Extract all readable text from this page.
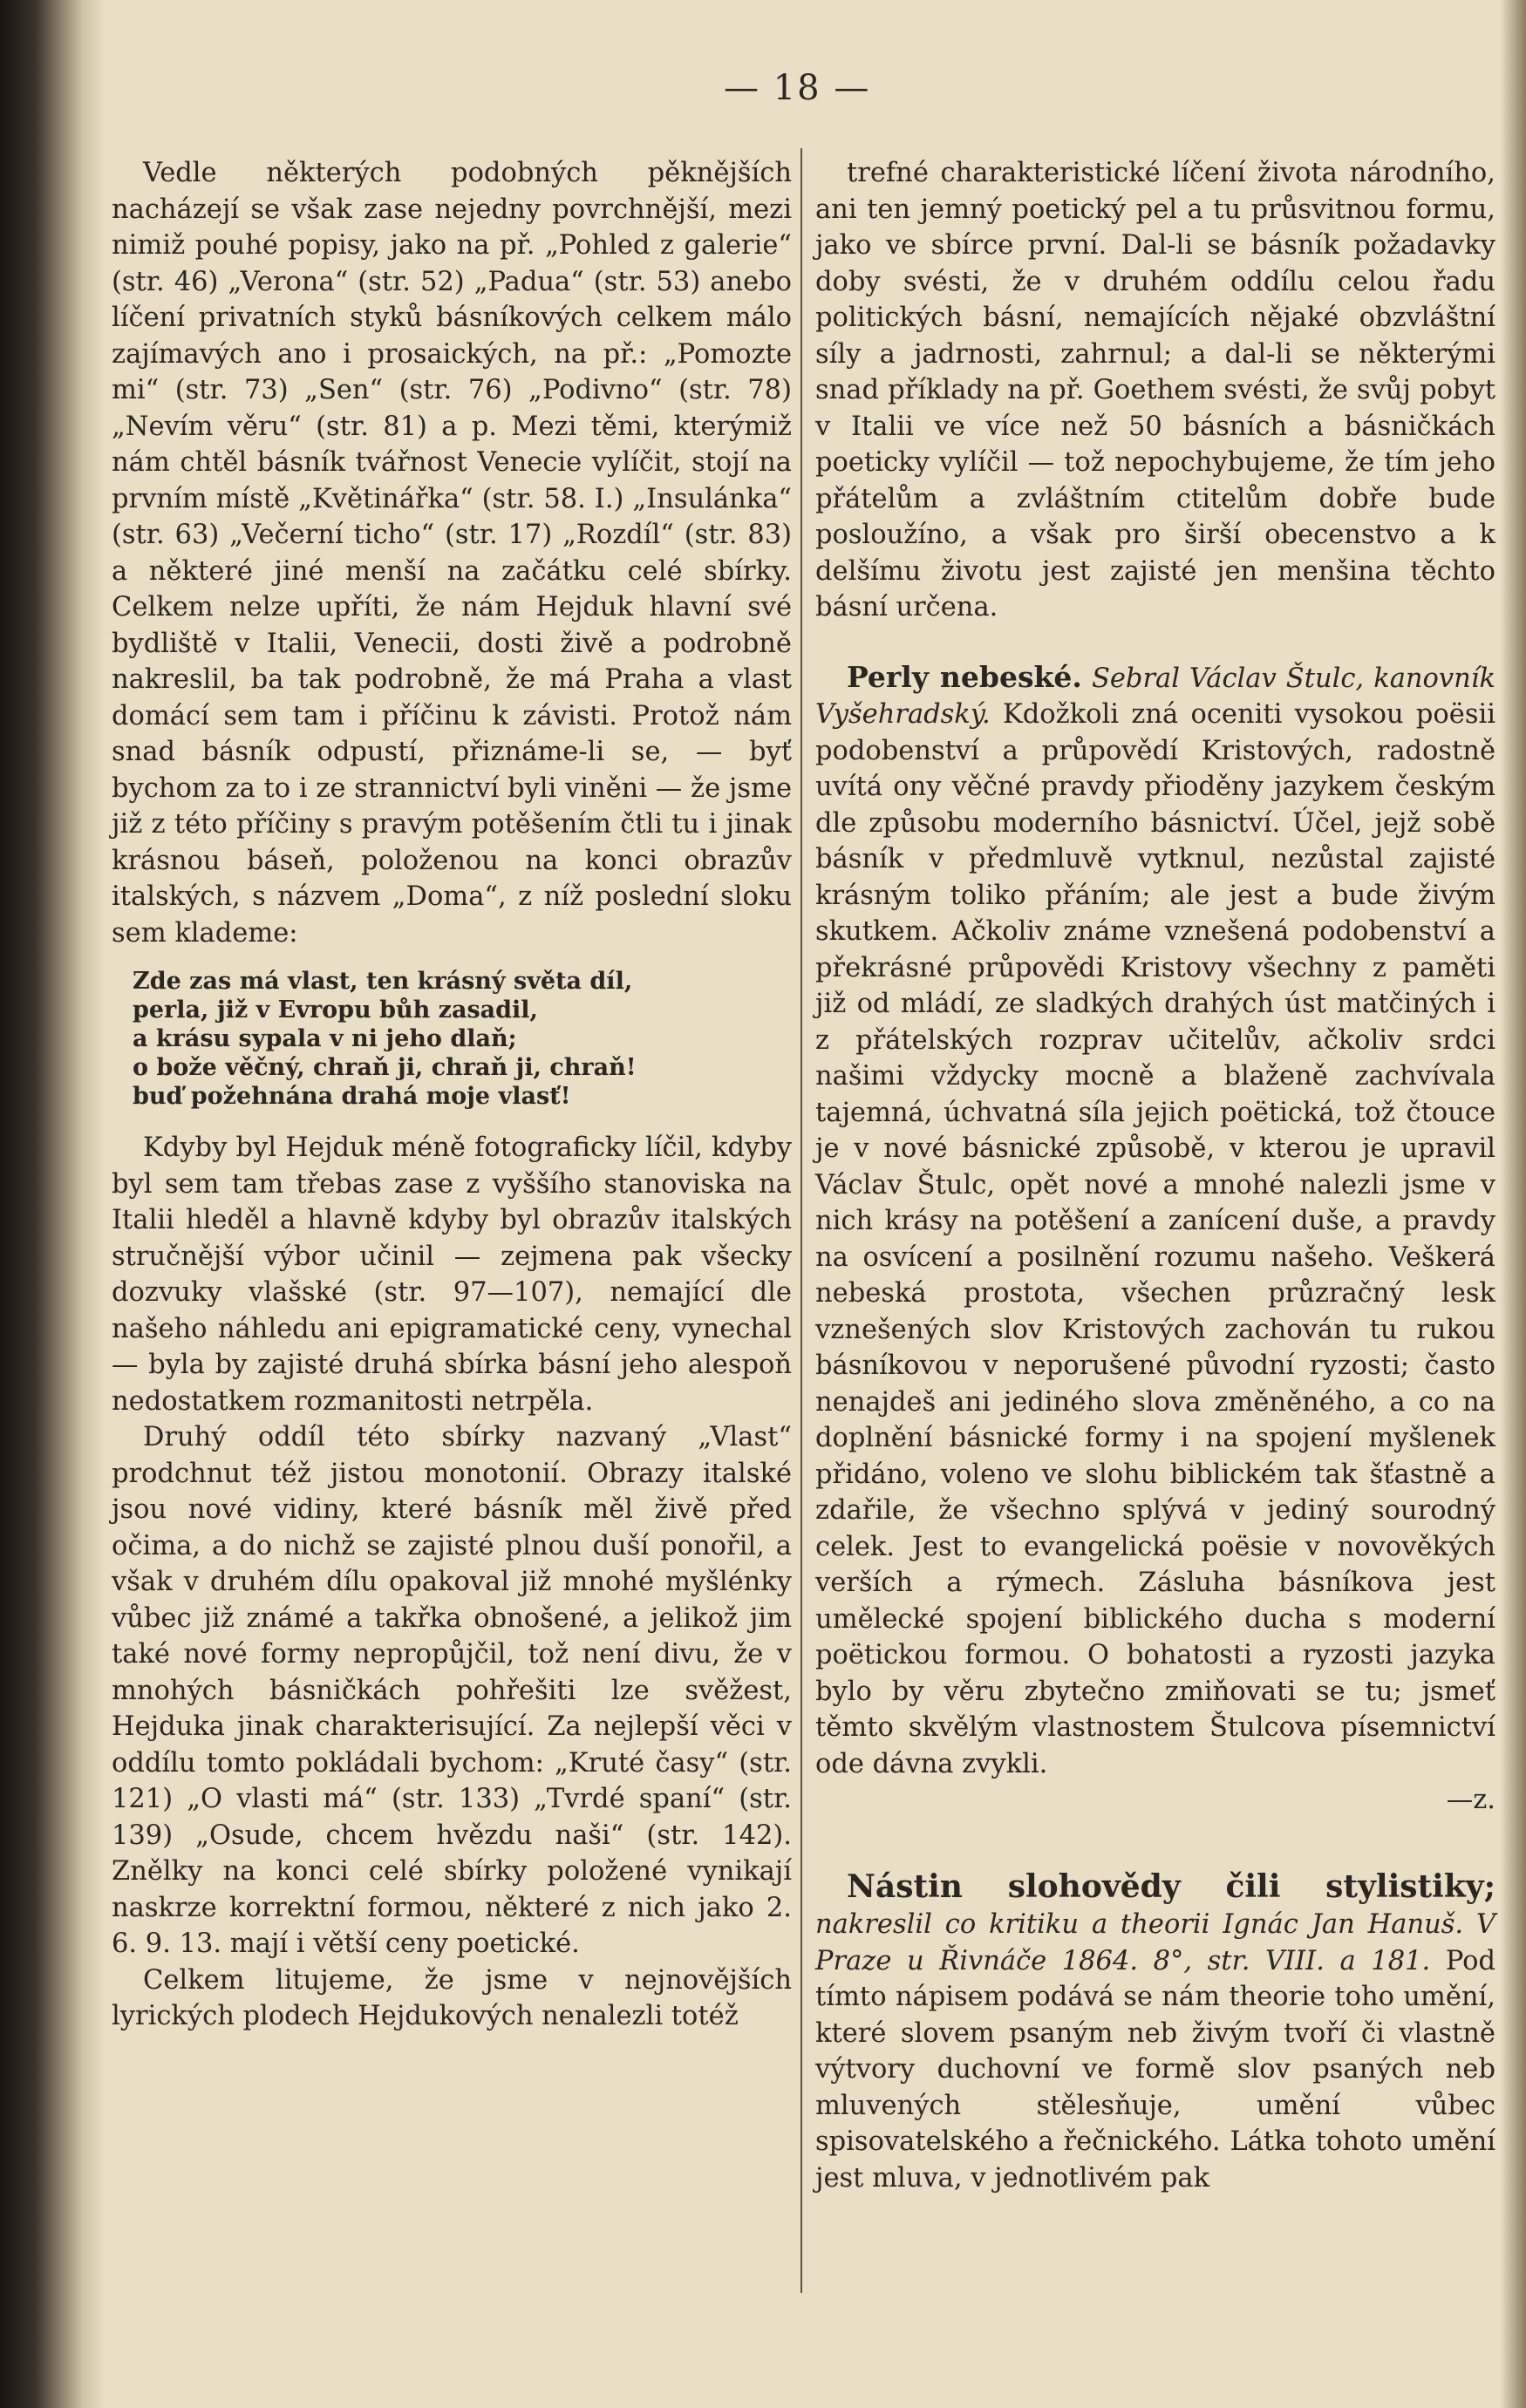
— 18 —

Vedle některých podobných pěknějších nacházejí se však zase nejedny povrchnější, mezi nimiž pouhé popisy, jako na př. „Pohled z galerie“ (str. 46) „Verona“ (str. 52) „Padua“ (str. 53) anebo líčení privatních styků básníkových celkem málo zajímavých ano i prosaických, na př.: „Pomozte mi“ (str. 73) „Sen“ (str. 76) „Podivno“ (str. 78) „Nevím věru“ (str. 81) a p. Mezi těmi, kterýmiž nám chtěl básník tvářnost Venecie vylíčit, stojí na prvním místě „Květinářka“ (str. 58. I.) „Insulánka“ (str. 63) „Večerní ticho“ (str. 17) „Rozdíl“ (str. 83) a některé jiné menší na začátku celé sbírky. Celkem nelze upříti, že nám Hejduk hlavní své bydliště v Italii, Venecii, dosti živě a podrobně nakreslil, ba tak podrobně, že má Praha a vlast domácí sem tam i příčinu k závisti. Protož nám snad básník odpustí, přiznáme-li se, — byť bychom za to i ze strannictví byli viněni — že jsme již z této příčiny s pravým potěšením čtli tu i jinak krásnou báseň, položenou na konci obrazův italských, s názvem „Doma“, z níž poslední sloku sem klademe:

Zde zas má vlast, ten krásný světa díl,
perla, již v Evropu bůh zasadil,
a krásu sypala v ni jeho dlaň;
o bože věčný, chraň ji, chraň ji, chraň!
buď požehnána drahá moje vlasť!

Kdyby byl Hejduk méně fotograficky líčil, kdyby byl sem tam třebas zase z vyššího stanoviska na Italii hleděl a hlavně kdyby byl obrazův italských stručnější výbor učinil — zejmena pak všecky dozvuky vlašské (str. 97—107), nemající dle našeho náhledu ani epigramatické ceny, vynechal — byla by zajisté druhá sbírka básní jeho alespoň nedostatkem rozmanitosti netrpěla.

Druhý oddíl této sbírky nazvaný „Vlast“ prodchnut též jistou monotonií. Obrazy italské jsou nové vidiny, které básník měl živě před očima, a do nichž se zajisté plnou duší ponořil, a však v druhém dílu opakoval již mnohé myšlénky vůbec již známé a takřka obnošené, a jelikož jim také nové formy nepropůjčil, tož není divu, že v mnohých básničkách pohřešiti lze svěžest, Hejduka jinak charakterisující. Za nejlepší věci v oddílu tomto pokládali bychom: „Kruté časy“ (str. 121) „O vlasti má“ (str. 133) „Tvrdé spaní“ (str. 139) „Osude, chcem hvězdu naši“ (str. 142). Znělky na konci celé sbírky položené vynikají naskrze korrektní formou, některé z nich jako 2. 6. 9. 13. mají i větší ceny poetické.

Celkem litujeme, že jsme v nejnovějších lyrických plodech Hejdukových nenalezli totéž

trefné charakteristické líčení života národního, ani ten jemný poetický pel a tu průsvitnou formu, jako ve sbírce první. Dal-li se básník požadavky doby svésti, že v druhém oddílu celou řadu politických básní, nemajících nějaké obzvláštní síly a jadrnosti, zahrnul; a dal-li se některými snad příklady na př. Goethem svésti, že svůj pobyt v Italii ve více než 50 básních a básničkách poeticky vylíčil — tož nepochybujeme, že tím jeho přátelům a zvláštním ctitelům dobře bude posloužíno, a však pro širší obecenstvo a k delšímu životu jest zajisté jen menšina těchto básní určena.

Perly nebeské. Sebral Václav Štulc, kanovník Vyšehradský. Kdožkoli zná oceniti vysokou poësii podobenství a průpovědí Kristových, radostně uvítá ony věčné pravdy přioděny jazykem českým dle způsobu moderního básnictví. Účel, jejž sobě básník v předmluvě vytknul, nezůstal zajisté krásným toliko přáním; ale jest a bude živým skutkem. Ačkoliv známe vznešená podobenství a překrásné průpovědi Kristovy všechny z paměti již od mládí, ze sladkých drahých úst matčiných i z přátelských rozprav učitelův, ačkoliv srdci našimi vždycky mocně a blaženě zachvívala tajemná, úchvatná síla jejich poëtická, tož čtouce je v nové básnické způsobě, v kterou je upravil Václav Štulc, opět nové a mnohé nalezli jsme v nich krásy na potěšení a zanícení duše, a pravdy na osvícení a posilnění rozumu našeho. Veškerá nebeská prostota, všechen průzračný lesk vznešených slov Kristových zachován tu rukou básníkovou v neporušené původní ryzosti; často nenajdeš ani jediného slova změněného, a co na doplnění básnické formy i na spojení myšlenek přidáno, voleno ve slohu biblickém tak šťastně a zdařile, že všechno splývá v jediný sourodný celek. Jest to evangelická poësie v novověkých verších a rýmech. Zásluha básníkova jest umělecké spojení biblického ducha s moderní poëtickou formou. O bohatosti a ryzosti jazyka bylo by věru zbytečno zmiňovati se tu; jsmeť těmto skvělým vlastnostem Štulcova písemnictví ode dávna zvykli.

—z.

Nástin slohovědy čili stylistiky; nakreslil co kritiku a theorii Ignác Jan Hanuš. V Praze u Řivnáče 1864. 8°, str. VIII. a 181. Pod tímto nápisem podává se nám theorie toho umění, které slovem psaným neb živým tvoří či vlastně výtvory duchovní ve formě slov psaných neb mluvených stělesňuje, umění vůbec spisovatelského a řečnického. Látka tohoto umění jest mluva, v jednotlivém pak
